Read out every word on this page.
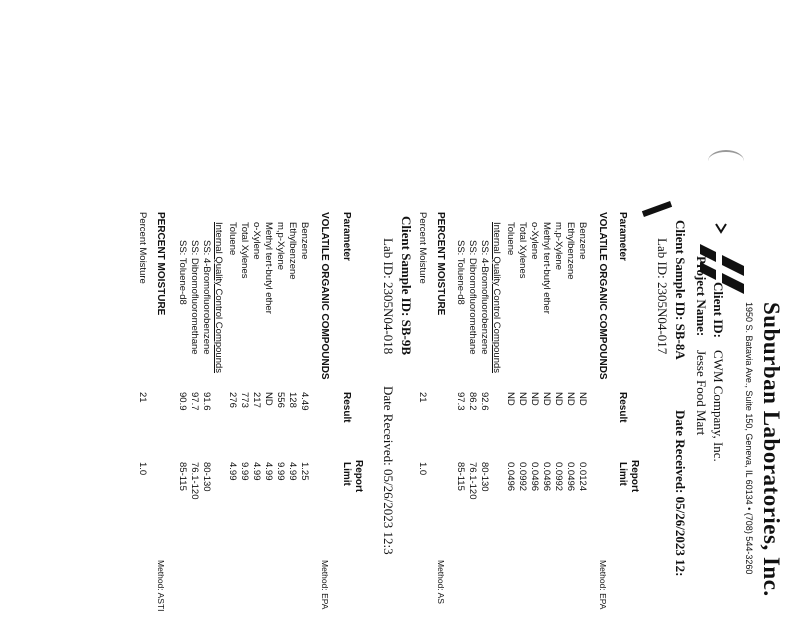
Suburban Laboratories, Inc.
1950 S. Batavia Ave., Suite 150, Geneva, IL 60134 • (708) 544-3260
Client ID:
CWM Company, Inc.
Project Name:
Jesse Food Mart
Client Sample ID: SB-8A
Lab ID: 2305N04-017
Date Received: 05/26/2023 12:
Parameter
Result
Report
Limit
VOLATILE ORGANIC COMPOUNDS
Method: EPA
Benzene
ND
0.0124
Ethylbenzene
ND
0.0496
m,p-Xylene
ND
0.0992
Methyl tert-butyl ether
ND
0.0496
o-Xylene
ND
0.0496
Total Xylenes
ND
0.0992
Toluene
ND
0.0496
Internal Quality Control Compounds
SS: 4-Bromofluorobenzene
92.6
80-130
SS: Dibromofluoromethane
86.2
76.1-120
SS: Toluene-d8
97.3
85-115
PERCENT MOISTURE
Method: AS
Percent Moisture
21
1.0
Client Sample ID: SB-9B
Lab ID: 2305N04-018
Date Received: 05/26/2023 12:3
Parameter
Result
Report
Limit
VOLATILE ORGANIC COMPOUNDS
Method: EPA
Benzene
4.49
1.25
Ethylbenzene
128
4.99
m,p-Xylene
556
9.99
Methyl tert-butyl ether
ND
4.99
o-Xylene
217
4.99
Total Xylenes
773
9.99
Toluene
276
4.99
Internal Quality Control Compounds
SS: 4-Bromofluorobenzene
91.6
80-130
SS: Dibromofluoromethane
97.7
76.1-120
SS: Toluene-d8
90.9
85-115
PERCENT MOISTURE
Method: ASTI
Percent Moisture
21
1.0
